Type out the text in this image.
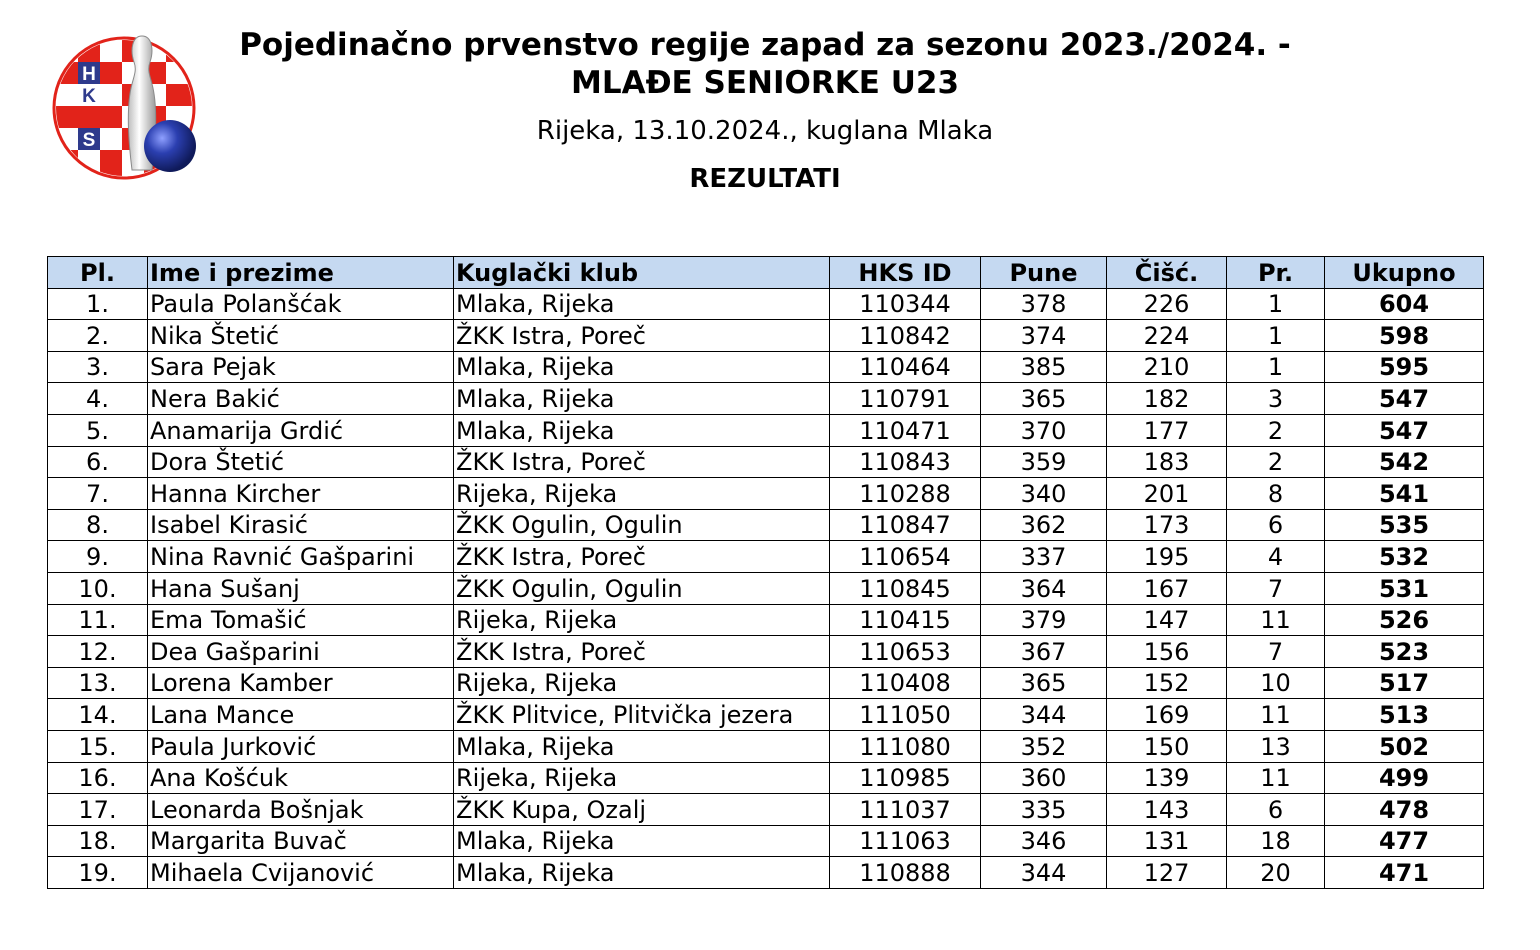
H
K
S
Pojedinačno prvenstvo regije zapad za sezonu 2023./2024. -
MLAĐE SENIORKE U23
Rijeka, 13.10.2024., kuglana Mlaka
REZULTATI
Pl.	Ime i prezime	Kuglački klub	HKS ID	Pune	Čišć.	Pr.	Ukupno
1.	Paula Polanšćak	Mlaka, Rijeka	110344	378	226	1	604
2.	Nika Štetić	ŽKK Istra, Poreč	110842	374	224	1	598
3.	Sara Pejak	Mlaka, Rijeka	110464	385	210	1	595
4.	Nera Bakić	Mlaka, Rijeka	110791	365	182	3	547
5.	Anamarija Grdić	Mlaka, Rijeka	110471	370	177	2	547
6.	Dora Štetić	ŽKK Istra, Poreč	110843	359	183	2	542
7.	Hanna Kircher	Rijeka, Rijeka	110288	340	201	8	541
8.	Isabel Kirasić	ŽKK Ogulin, Ogulin	110847	362	173	6	535
9.	Nina Ravnić Gašparini	ŽKK Istra, Poreč	110654	337	195	4	532
10.	Hana Sušanj	ŽKK Ogulin, Ogulin	110845	364	167	7	531
11.	Ema Tomašić	Rijeka, Rijeka	110415	379	147	11	526
12.	Dea Gašparini	ŽKK Istra, Poreč	110653	367	156	7	523
13.	Lorena Kamber	Rijeka, Rijeka	110408	365	152	10	517
14.	Lana Mance	ŽKK Plitvice, Plitvička jezera	111050	344	169	11	513
15.	Paula Jurković	Mlaka, Rijeka	111080	352	150	13	502
16.	Ana Košćuk	Rijeka, Rijeka	110985	360	139	11	499
17.	Leonarda Bošnjak	ŽKK Kupa, Ozalj	111037	335	143	6	478
18.	Margarita Buvač	Mlaka, Rijeka	111063	346	131	18	477
19.	Mihaela Cvijanović	Mlaka, Rijeka	110888	344	127	20	471
